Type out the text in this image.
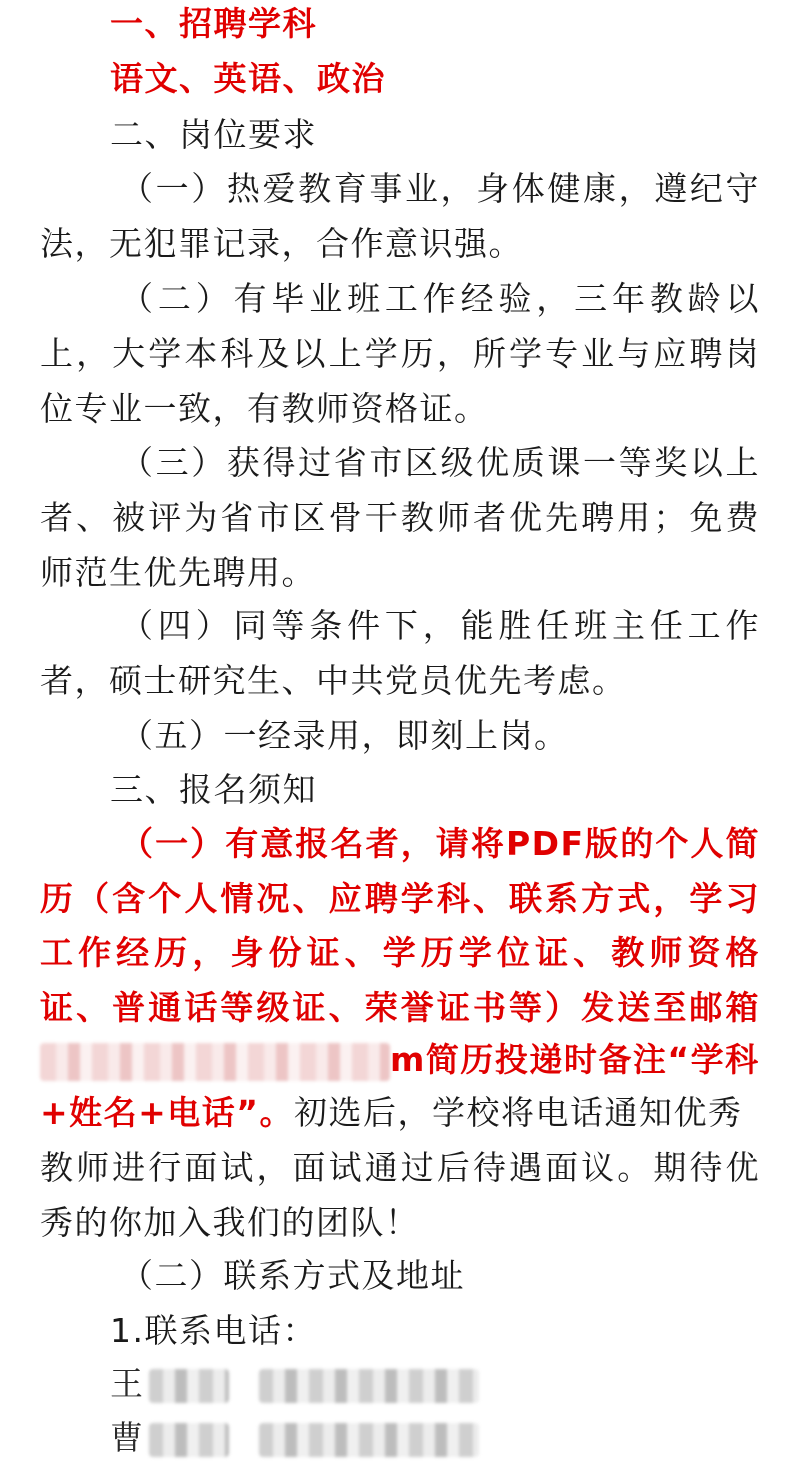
一、招聘学科
语文、英语、政治
二、岗位要求
（一）热爱教育事业，身体健康，遵纪守
法，无犯罪记录，合作意识强。
（二）有毕业班工作经验，三年教龄以
上，大学本科及以上学历，所学专业与应聘岗
位专业一致，有教师资格证。
（三）获得过省市区级优质课一等奖以上
者、被评为省市区骨干教师者优先聘用；免费
师范生优先聘用。
（四）同等条件下，能胜任班主任工作
者，硕士研究生、中共党员优先考虑。
（五）一经录用，即刻上岗。
三、报名须知
（一）有意报名者，请将PDF版的个人简
历（含个人情况、应聘学科、联系方式，学习
工作经历，身份证、学历学位证、教师资格
证、普通话等级证、荣誉证书等）发送至邮箱
m简历投递时备注“学科
+姓名+电话”。初选后，学校将电话通知优秀
教师进行面试，面试通过后待遇面议。期待优
秀的你加入我们的团队！
（二）联系方式及地址
1.联系电话：
王
曹
